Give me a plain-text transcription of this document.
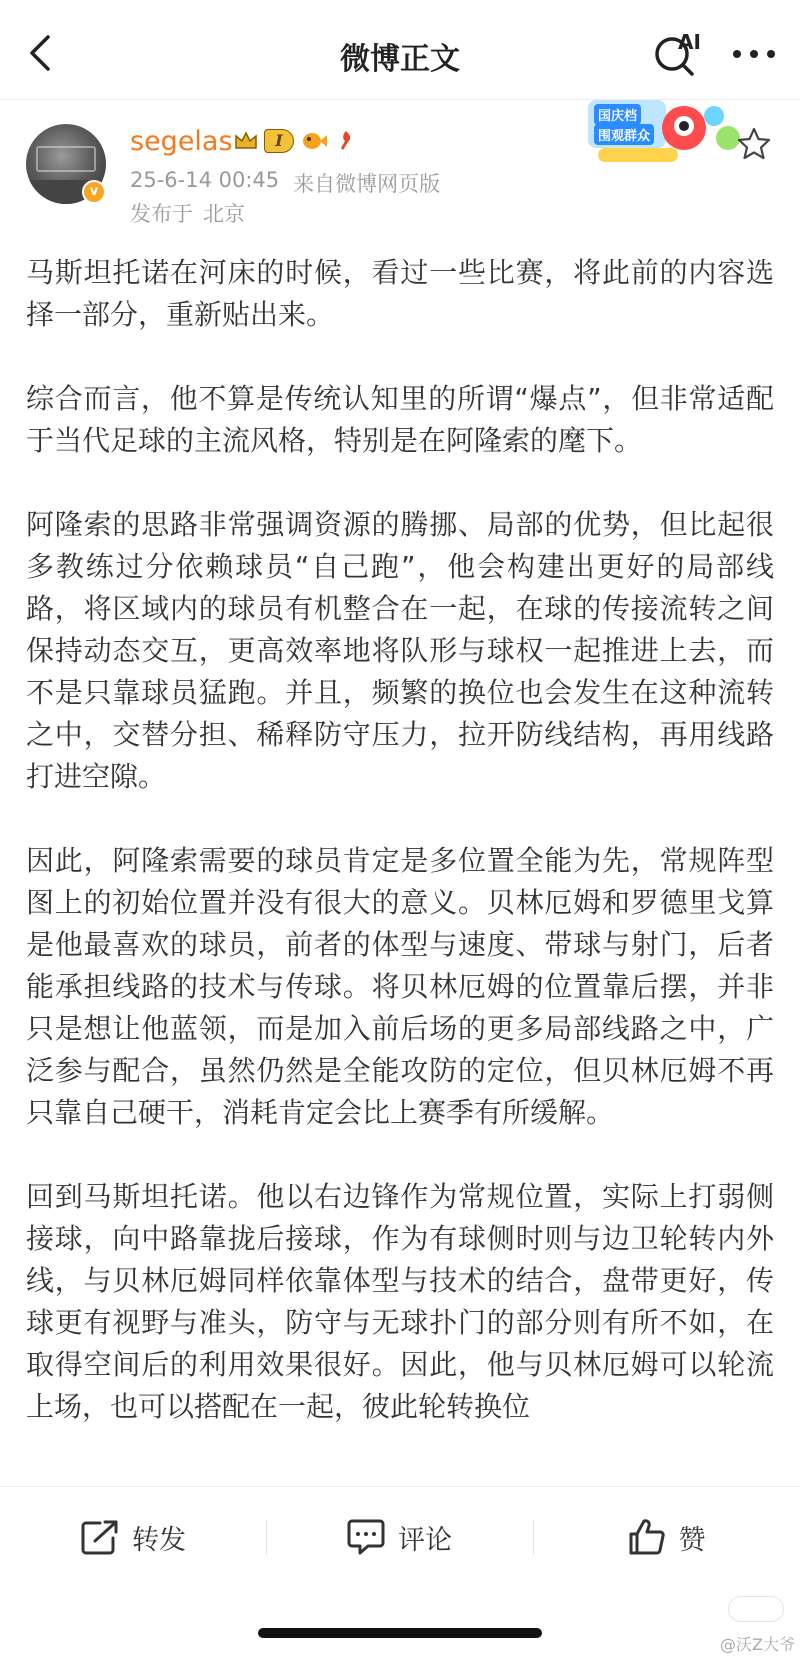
微博正文	AI
v
segelas	I
25-6-14 00:45 来自微博网页版
发布于 北京
国庆档
围观群众

马斯坦托诺在河床的时候，看过一些比赛，将此前的内容选择一部分，重新贴出来。

综合而言，他不算是传统认知里的所谓“爆点”，但非常适配于当代足球的主流风格，特别是在阿隆索的麾下。

阿隆索的思路非常强调资源的腾挪、局部的优势，但比起很多教练过分依赖球员“自己跑”，他会构建出更好的局部线路，将区域内的球员有机整合在一起，在球的传接流转之间保持动态交互，更高效率地将队形与球权一起推进上去，而不是只靠球员猛跑。并且，频繁的换位也会发生在这种流转之中，交替分担、稀释防守压力，拉开防线结构，再用线路打进空隙。

因此，阿隆索需要的球员肯定是多位置全能为先，常规阵型图上的初始位置并没有很大的意义。贝林厄姆和罗德里戈算是他最喜欢的球员，前者的体型与速度、带球与射门，后者能承担线路的技术与传球。将贝林厄姆的位置靠后摆，并非只是想让他蓝领，而是加入前后场的更多局部线路之中，广泛参与配合，虽然仍然是全能攻防的定位，但贝林厄姆不再只靠自己硬干，消耗肯定会比上赛季有所缓解。

回到马斯坦托诺。他以右边锋作为常规位置，实际上打弱侧接球，向中路靠拢后接球，作为有球侧时则与边卫轮转内外线，与贝林厄姆同样依靠体型与技术的结合，盘带更好，传球更有视野与准头，防守与无球扑门的部分则有所不如，在取得空间后的利用效果很好。因此，他与贝林厄姆可以轮流上场，也可以搭配在一起，彼此轮转换位

转发	评论	赞
@沃Z大爷
